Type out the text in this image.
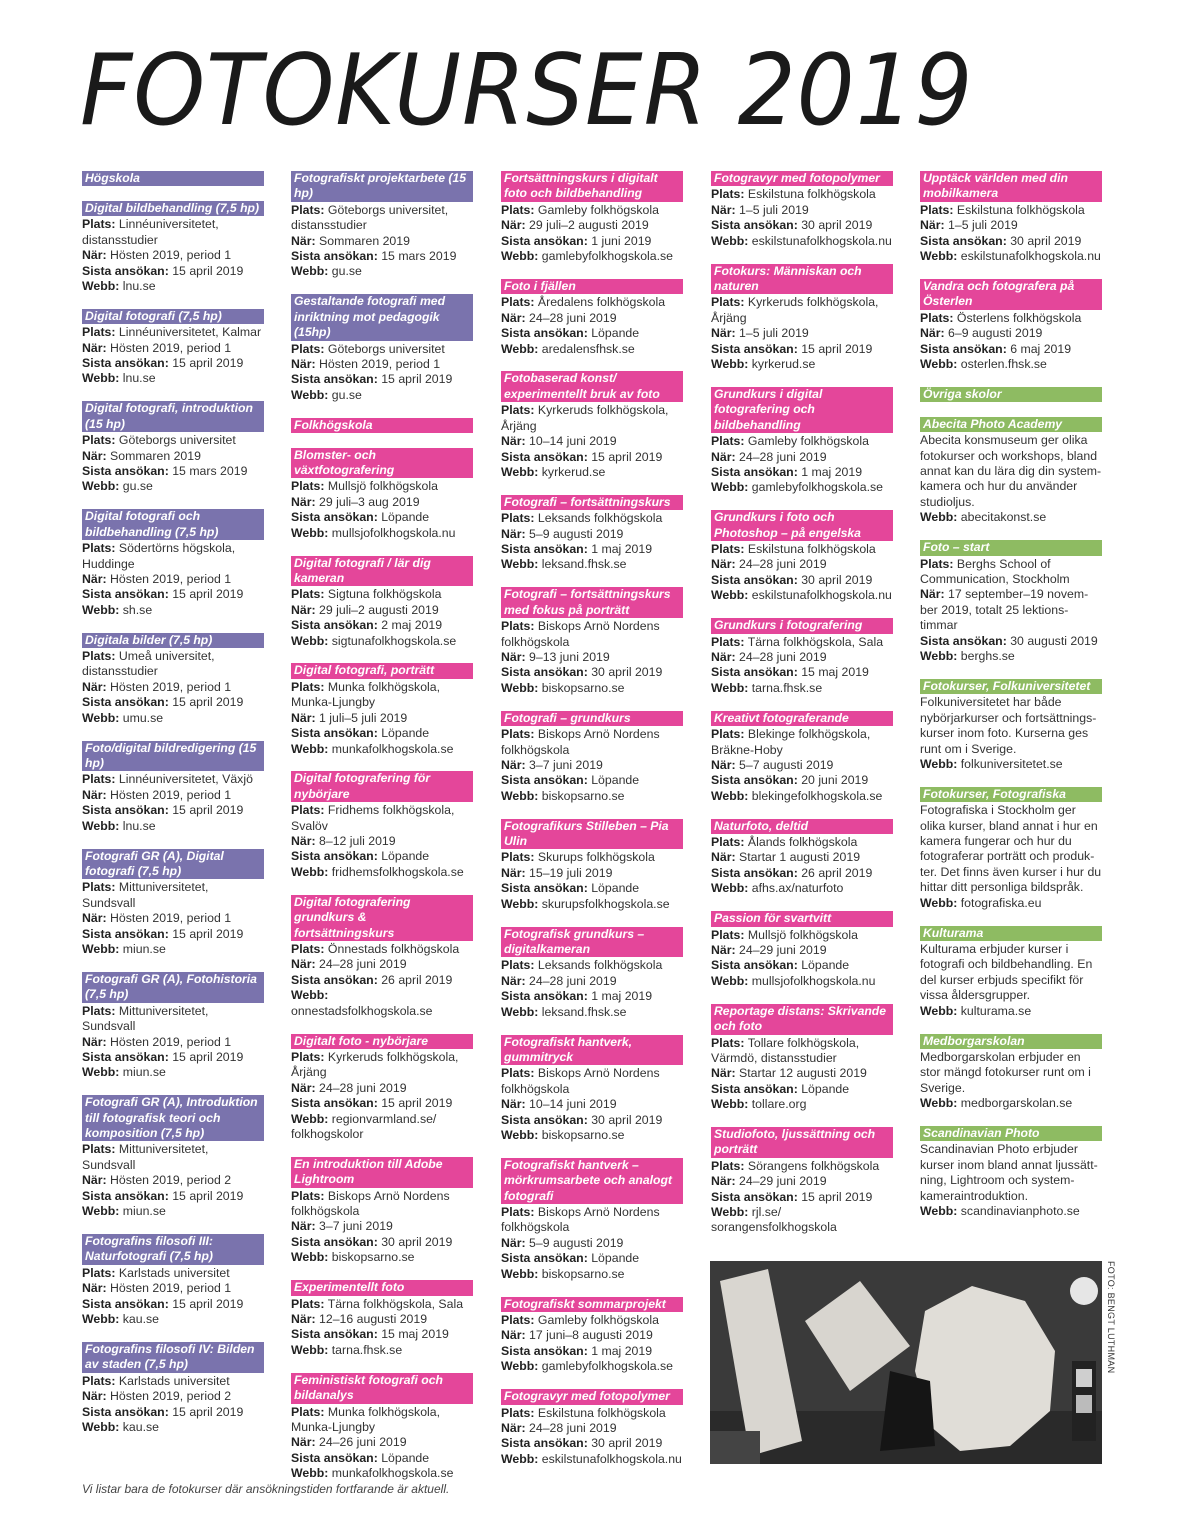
FOTOKURSER 2019
Högskola
Digital bildbehandling (7,5 hp)

Plats: Linnéuniversitetet, distansstudier

När: Hösten 2019, period 1

Sista ansökan: 15 april 2019

Webb: lnu.se

Digital fotografi (7,5 hp)

Plats: Linnéuniversitetet, Kalmar

När: Hösten 2019, period 1

Sista ansökan: 15 april 2019

Webb: lnu.se

Digital fotografi, introduktion (15 hp)

Plats: Göteborgs universitet

När: Sommaren 2019

Sista ansökan: 15 mars 2019

Webb: gu.se

Digital fotografi och bildbehandling (7,5 hp)

Plats: Södertörns högskola, Huddinge

När: Hösten 2019, period 1

Sista ansökan: 15 april 2019

Webb: sh.se

Digitala bilder (7,5 hp)

Plats: Umeå universitet, distansstudier

När: Hösten 2019, period 1

Sista ansökan: 15 april 2019

Webb: umu.se

Foto/digital bildredigering (15 hp)

Plats: Linnéuniversitetet, Växjö

När: Hösten 2019, period 1

Sista ansökan: 15 april 2019

Webb: lnu.se

Fotografi GR (A), Digital fotografi (7,5 hp)

Plats: Mittuniversitetet, Sundsvall

När: Hösten 2019, period 1

Sista ansökan: 15 april 2019

Webb: miun.se

Fotografi GR (A), Fotohistoria (7,5 hp)

Plats: Mittuniversitetet, Sundsvall

När: Hösten 2019, period 1

Sista ansökan: 15 april 2019

Webb: miun.se

Fotografi GR (A), Introduktion till fotografisk teori och komposition (7,5 hp)

Plats: Mittuniversitetet, Sundsvall

När: Hösten 2019, period 2

Sista ansökan: 15 april 2019

Webb: miun.se

Fotografins filosofi III: Naturfotografi (7,5 hp)

Plats: Karlstads universitet

När: Hösten 2019, period 1

Sista ansökan: 15 april 2019

Webb: kau.se

Fotografins filosofi IV: Bilden av staden (7,5 hp)

Plats: Karlstads universitet

När: Hösten 2019, period 2

Sista ansökan: 15 april 2019

Webb: kau.se

Fotografiskt projektarbete (15 hp)

Plats: Göteborgs universitet, distansstudier

När: Sommaren 2019

Sista ansökan: 15 mars 2019

Webb: gu.se

Gestaltande fotografi med inriktning mot pedagogik (15hp)

Plats: Göteborgs universitet

När: Hösten 2019, period 1

Sista ansökan: 15 april 2019

Webb: gu.se

Folkhögskola
Blomster- och växtfotografering

Plats: Mullsjö folkhögskola

När: 29 juli–3 aug 2019

Sista ansökan: Löpande

Webb: mullsjofolkhogskola.nu

Digital fotografi / lär dig kameran

Plats: Sigtuna folkhögskola

När: 29 juli–2 augusti 2019

Sista ansökan: 2 maj 2019

Webb: sigtunafolkhogskola.se

Digital fotografi, porträtt

Plats: Munka folkhögskola, Munka-Ljungby

När: 1 juli–5 juli 2019

Sista ansökan: Löpande

Webb: munkafolkhogskola.se

Digital fotografering för nybörjare

Plats: Fridhems folkhögskola, Svalöv

När: 8–12 juli 2019

Sista ansökan: Löpande

Webb: fridhemsfolkhogskola.se

Digital fotografering grundkurs & fortsättningskurs

Plats: Önnestads folkhögskola

När: 24–28 juni 2019

Sista ansökan: 26 april 2019

Webb: onnestadsfolkhogskola.se

Digitalt foto - nybörjare

Plats: Kyrkeruds folkhögskola, Årjäng

När: 24–28 juni 2019

Sista ansökan: 15 april 2019

Webb: regionvarmland.se/ folkhogskolor

En introduktion till Adobe Lightroom

Plats: Biskops Arnö Nordens folkhögskola

När: 3–7 juni 2019

Sista ansökan: 30 april 2019

Webb: biskopsarno.se

Experimentellt foto

Plats: Tärna folkhögskola, Sala

När: 12–16 augusti 2019

Sista ansökan: 15 maj 2019

Webb: tarna.fhsk.se

Feministiskt fotografi och bildanalys

Plats: Munka folkhögskola, Munka-Ljungby

När: 24–26 juni 2019

Sista ansökan: Löpande

Webb: munkafolkhogskola.se

Fortsättningskurs i digitalt foto och bildbehandling

Plats: Gamleby folkhögskola

När: 29 juli–2 augusti 2019

Sista ansökan: 1 juni 2019

Webb: gamlebyfolkhogskola.se

Foto i fjällen

Plats: Åredalens folkhögskola

När: 24–28 juni 2019

Sista ansökan: Löpande

Webb: aredalensfhsk.se

Fotobaserad konst/ experimentellt bruk av foto

Plats: Kyrkeruds folkhögskola, Årjäng

När: 10–14 juni 2019

Sista ansökan: 15 april 2019

Webb: kyrkerud.se

Fotografi – fortsättningskurs

Plats: Leksands folkhögskola

När: 5–9 augusti 2019

Sista ansökan: 1 maj 2019

Webb: leksand.fhsk.se

Fotografi – fortsättningskurs med fokus på porträtt

Plats: Biskops Arnö Nordens folkhögskola

När: 9–13 juni 2019

Sista ansökan: 30 april 2019

Webb: biskopsarno.se

Fotografi – grundkurs

Plats: Biskops Arnö Nordens folkhögskola

När: 3–7 juni 2019

Sista ansökan: Löpande

Webb: biskopsarno.se

Fotografikurs Stilleben – Pia Ulin

Plats: Skurups folkhögskola

När: 15–19 juli 2019

Sista ansökan: Löpande

Webb: skurupsfolkhogskola.se

Fotografisk grundkurs – digitalkameran

Plats: Leksands folkhögskola

När: 24–28 juni 2019

Sista ansökan: 1 maj 2019

Webb: leksand.fhsk.se

Fotografiskt hantverk, gummitryck

Plats: Biskops Arnö Nordens folkhögskola

När: 10–14 juni 2019

Sista ansökan: 30 april 2019

Webb: biskopsarno.se

Fotografiskt hantverk – mörkrumsarbete och analogt fotografi

Plats: Biskops Arnö Nordens folkhögskola

När: 5–9 augusti 2019

Sista ansökan: Löpande

Webb: biskopsarno.se

Fotografiskt sommarprojekt

Plats: Gamleby folkhögskola

När: 17 juni–8 augusti 2019

Sista ansökan: 1 maj 2019

Webb: gamlebyfolkhogskola.se

Fotogravyr med fotopolymer

Plats: Eskilstuna folkhögskola

När: 24–28 juni 2019

Sista ansökan: 30 april 2019

Webb: eskilstunafolkhogskola.nu

Fotogravyr med fotopolymer

Plats: Eskilstuna folkhögskola

När: 1–5 juli 2019

Sista ansökan: 30 april 2019

Webb: eskilstunafolkhogskola.nu

Fotokurs: Människan och naturen

Plats: Kyrkeruds folkhögskola, Årjäng

När: 1–5 juli 2019

Sista ansökan: 15 april 2019

Webb: kyrkerud.se

Grundkurs i digital fotografering och bildbehandling

Plats: Gamleby folkhögskola

När: 24–28 juni 2019

Sista ansökan: 1 maj 2019

Webb: gamlebyfolkhogskola.se

Grundkurs i foto och Photoshop – på engelska

Plats: Eskilstuna folkhögskola

När: 24–28 juni 2019

Sista ansökan: 30 april 2019

Webb: eskilstunafolkhogskola.nu

Grundkurs i fotografering

Plats: Tärna folkhögskola, Sala

När: 24–28 juni 2019

Sista ansökan: 15 maj 2019

Webb: tarna.fhsk.se

Kreativt fotograferande

Plats: Blekinge folkhögskola, Bräkne-Hoby

När: 5–7 augusti 2019

Sista ansökan: 20 juni 2019

Webb: blekingefolkhogskola.se

Naturfoto, deltid

Plats: Ålands folkhögskola

När: Startar 1 augusti 2019

Sista ansökan: 26 april 2019

Webb: afhs.ax/naturfoto

Passion för svartvitt

Plats: Mullsjö folkhögskola

När: 24–29 juni 2019

Sista ansökan: Löpande

Webb: mullsjofolkhogskola.nu

Reportage distans: Skrivande och foto

Plats: Tollare folkhögskola, Värmdö, distansstudier

När: Startar 12 augusti 2019

Sista ansökan: Löpande

Webb: tollare.org

Studiofoto, ljussättning och porträtt

Plats: Sörangens folkhögskola

När: 24–29 juni 2019

Sista ansökan: 15 april 2019

Webb: rjl.se/ sorangensfolkhogskola

Upptäck världen med din mobilkamera

Plats: Eskilstuna folkhögskola

När: 1–5 juli 2019

Sista ansökan: 30 april 2019

Webb: eskilstunafolkhogskola.nu

Vandra och fotografera på Österlen

Plats: Österlens folkhögskola

När: 6–9 augusti 2019

Sista ansökan: 6 maj 2019

Webb: osterlen.fhsk.se

Övriga skolor
Abecita Photo Academy

Abecita konsmuseum ger olika fotokurser och workshops, bland annat kan du lära dig din system-kamera och hur du använder studioljus.

Webb: abecitakonst.se

Foto – start

Plats: Berghs School of Communication, Stockholm

När: 17 september–19 novem-ber 2019, totalt 25 lektions-timmar

Sista ansökan: 30 augusti 2019

Webb: berghs.se

Fotokurser, Folkuniversitetet

Folkuniversitetet har både nybörjarkurser och fortsättnings-kurser inom foto. Kurserna ges runt om i Sverige.

Webb: folkuniversitetet.se

Fotokurser, Fotografiska

Fotografiska i Stockholm ger olika kurser, bland annat i hur en kamera fungerar och hur du fotograferar porträtt och produk-ter. Det finns även kurser i hur du hittar ditt personliga bildspråk.

Webb: fotografiska.eu

Kulturama

Kulturama erbjuder kurser i fotografi och bildbehandling. En del kurser erbjuds specifikt för vissa åldersgrupper.

Webb: kulturama.se

Medborgarskolan

Medborgarskolan erbjuder en stor mängd fotokurser runt om i Sverige.

Webb: medborgarskolan.se

Scandinavian Photo

Scandinavian Photo erbjuder kurser inom bland annat ljussätt-ning, Lightroom och system-kameraintroduktion.

Webb: scandinavianphoto.se

FOTO: BENGT LUTHMAN

Vi listar bara de fotokurser där ansökningstiden fortfarande är aktuell.
